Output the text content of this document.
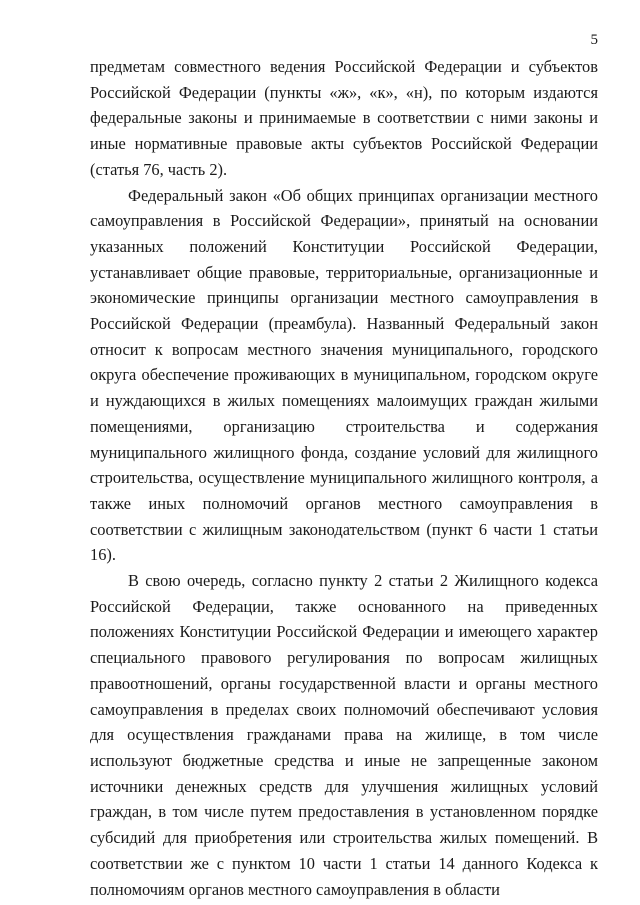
5

предметам совместного ведения Российской Федерации и субъектов Российской Федерации (пункты «ж», «к», «н), по которым издаются федеральные законы и принимаемые в соответствии с ними законы и иные нормативные правовые акты субъектов Российской Федерации (статья 76, часть 2).

Федеральный закон «Об общих принципах организации местного самоуправления в Российской Федерации», принятый на основании указанных положений Конституции Российской Федерации, устанавливает общие правовые, территориальные, организационные и экономические принципы организации местного самоуправления в Российской Федерации (преамбула). Названный Федеральный закон относит к вопросам местного значения муниципального, городского округа обеспечение проживающих в муниципальном, городском округе и нуждающихся в жилых помещениях малоимущих граждан жилыми помещениями, организацию строительства и содержания муниципального жилищного фонда, создание условий для жилищного строительства, осуществление муниципального жилищного контроля, а также иных полномочий органов местного самоуправления в соответствии с жилищным законодательством (пункт 6 части 1 статьи 16).

В свою очередь, согласно пункту 2 статьи 2 Жилищного кодекса Российской Федерации, также основанного на приведенных положениях Конституции Российской Федерации и имеющего характер специального правового регулирования по вопросам жилищных правоотношений, органы государственной власти и органы местного самоуправления в пределах своих полномочий обеспечивают условия для осуществления гражданами права на жилище, в том числе используют бюджетные средства и иные не запрещенные законом источники денежных средств для улучшения жилищных условий граждан, в том числе путем предоставления в установленном порядке субсидий для приобретения или строительства жилых помещений. В соответствии же с пунктом 10 части 1 статьи 14 данного Кодекса к полномочиям органов местного самоуправления в области
